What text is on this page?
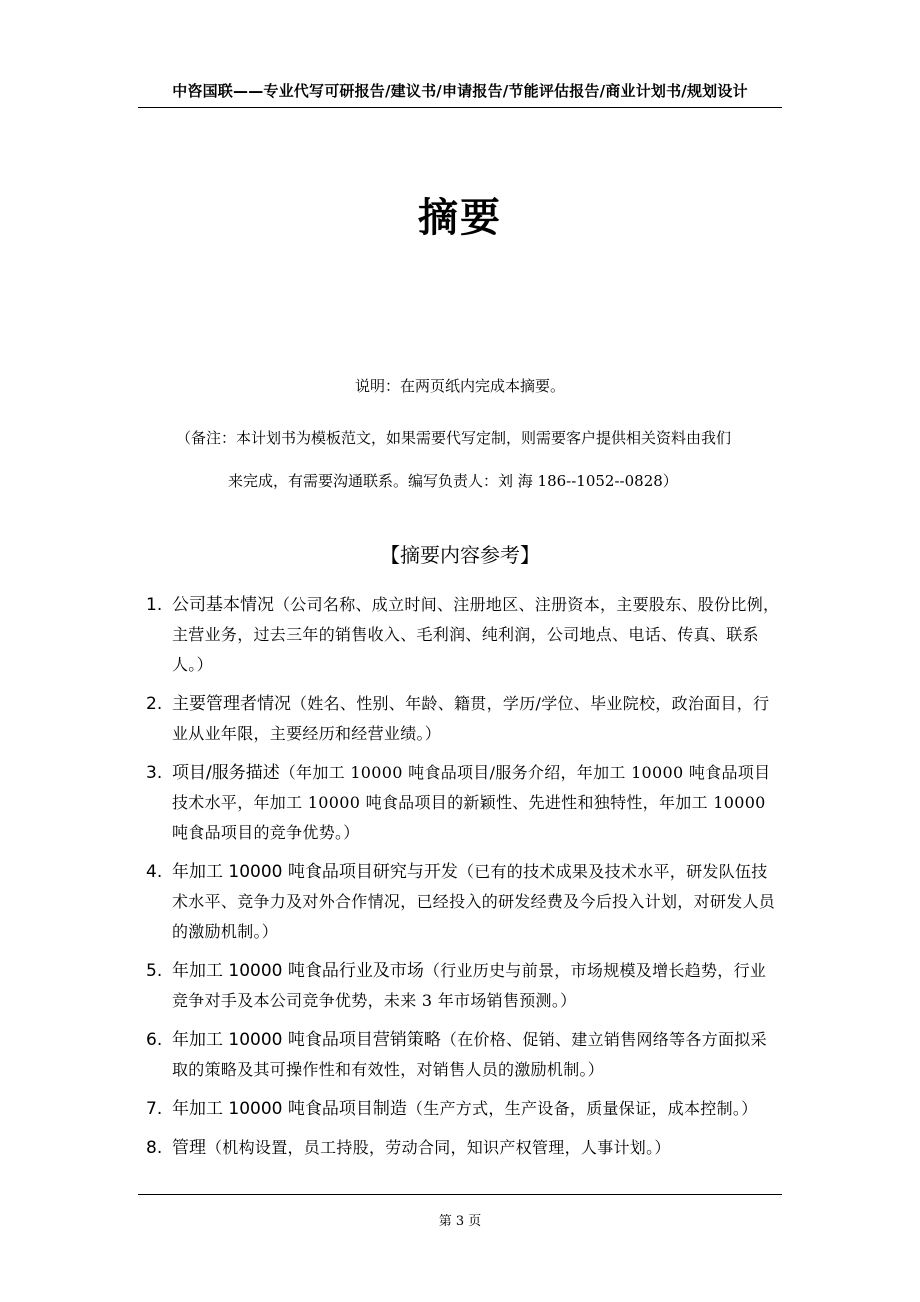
中咨国联——专业代写可研报告/建议书/申请报告/节能评估报告/商业计划书/规划设计
摘要
说明：在两页纸内完成本摘要。
（备注：本计划书为模板范文，如果需要代写定制，则需要客户提供相关资料由我们
来完成，有需要沟通联系。编写负责人：刘 海 186--1052--0828）
【摘要内容参考】
1. 公司基本情况（公司名称、成立时间、注册地区、注册资本，主要股东、股份比例，主营业务，过去三年的销售收入、毛利润、纯利润，公司地点、电话、传真、联系人。）
2. 主要管理者情况（姓名、性别、年龄、籍贯，学历/学位、毕业院校，政治面目，行业从业年限，主要经历和经营业绩。）
3. 项目/服务描述（年加工 10000 吨食品项目/服务介绍，年加工 10000 吨食品项目技术水平，年加工 10000 吨食品项目的新颖性、先进性和独特性，年加工 10000 吨食品项目的竞争优势。）
4. 年加工 10000 吨食品项目研究与开发（已有的技术成果及技术水平，研发队伍技术水平、竞争力及对外合作情况，已经投入的研发经费及今后投入计划，对研发人员的激励机制。）
5. 年加工 10000 吨食品行业及市场（行业历史与前景，市场规模及增长趋势，行业竞争对手及本公司竞争优势，未来 3 年市场销售预测。）
6. 年加工 10000 吨食品项目营销策略（在价格、促销、建立销售网络等各方面拟采取的策略及其可操作性和有效性，对销售人员的激励机制。）
7. 年加工 10000 吨食品项目制造（生产方式，生产设备，质量保证，成本控制。）
8. 管理（机构设置，员工持股，劳动合同，知识产权管理，人事计划。）
第 3 页
